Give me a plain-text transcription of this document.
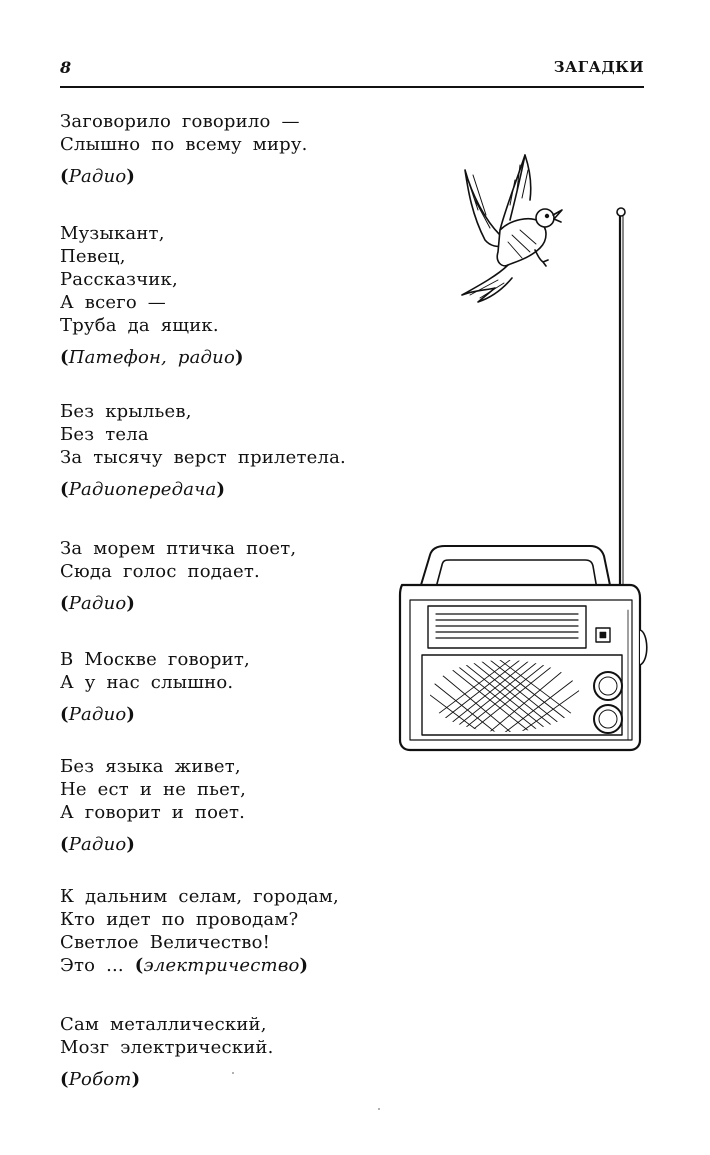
8	ЗАГАДКИ
Заговорило говорило —
Слышно по всему миру.
(Радио)
Музыкант,
Певец,
Рассказчик,
А всего —
Труба да ящик.
(Патефон, радио)
Без крыльев,
Без тела
За тысячу верст прилетела.
(Радиопередача)
За морем птичка поет,
Сюда голос подает.
(Радио)
В Москве говорит,
А у нас слышно.
(Радио)
Без языка живет,
Не ест и не пьет,
А говорит и поет.
(Радио)
К дальним селам, городам,
Кто идет по проводам?
Светлое Величество!
Это ... (электричество)
Сам металлический,
Мозг электрический.
(Робот)
